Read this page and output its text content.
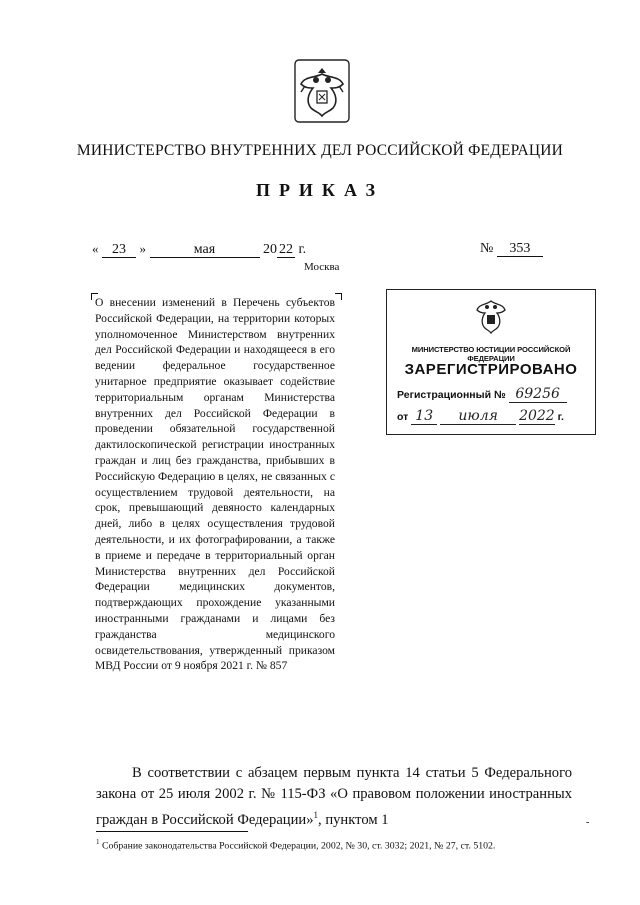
МИНИСТЕРСТВО ВНУТРЕННИХ ДЕЛ РОССИЙСКОЙ ФЕДЕРАЦИИ
ПРИКАЗ
« 23 »	мая	20 22 г.	№ 353
Москва

О внесении изменений в Перечень субъектов Российской Федерации, на территории которых уполномоченное Министерством внутренних дел Российской Федерации и находящееся в его ведении федеральное государственное унитарное предприятие оказывает содействие территориальным органам Министерства внутренних дел Российской Федерации в проведении обязательной государственной дактилоскопической регистрации иностранных граждан и лиц без гражданства, прибывших в Российскую Федерацию в целях, не связанных с осуществлением трудовой деятельности, на срок, превышающий девяносто календарных дней, либо в целях осуществления трудовой деятельности, и их фотографировании, а также в приеме и передаче в территориальный орган Министерства внутренних дел Российской Федерации медицинских документов, подтверждающих прохождение указанными иностранными гражданами и лицами без гражданства медицинского освидетельствования, утвержденный приказом МВД России от 9 ноября 2021 г. № 857

МИНИСТЕРСТВО ЮСТИЦИИ РОССИЙСКОЙ ФЕДЕРАЦИИ
ЗАРЕГИСТРИРОВАНО
Регистрационный № 69256
от 13 июля 2022 г.

В соответствии с абзацем первым пункта 14 статьи 5 Федерального закона от 25 июля 2002 г. № 115-ФЗ «О правовом положении иностранных граждан в Российской Федерации»$^1$, пунктом 1	-
$^1$ Собрание законодательства Российской Федерации, 2002, № 30, ст. 3032; 2021, № 27, ст. 5102.
